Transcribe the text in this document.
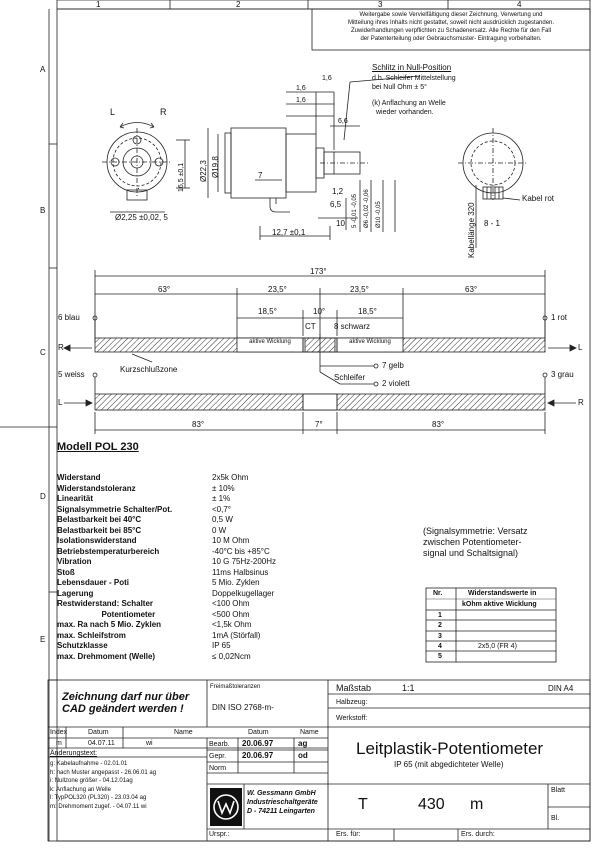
1	2	3	4
A
B
C
D
E
Weitergabe sowie Vervielfältigung dieser Zeichnung, Verwertung und
Mitteilung ihres Inhalts nicht gestattet, soweit nicht ausdrücklich zugestanden.
Zuwiderhandlungen verpflichten zu Schadenersatz. Alle Rechte für den Fall
der Patenterteilung oder Gebrauchsmuster- Eintragung vorbehalten.
L	R
16,5 ±0,1
Ø2,25 ±0,02, 5
1,6
1,6
1,6
6,6
Ø22,3 Ø19,8	7
1,2
6,5 5 -0,01 -0,05 Ø6 -0,02 -0,06 Ø10 -0,05
10
12,7 ±0,1
Schlitz in Null-Position
d.h. Schleifer Mittelstellung
bei Null Ohm ± 5°
(k) Anflachung an Welle
wieder vorhanden.
Kabel rot
Kabellänge 320 8 - 1
173°
63°	23,5°	23,5°	63°
18,5°	10°	18,5°
6 blau	1 rot
CT 8 schwarz
aktive Wicklung	aktive Wicklung
R	L
7 gelb
Kurzschlußzone
5 weiss	3 grau
Schleifer
2 violett
L	R
83°	7°	83°
Modell POL 230
Widerstand	2x5k Ohm
Widerstandstoleranz	± 10%
Linearität	± 1%
Signalsymmetrie Schalter/Pot.	<0,7°
Belastbarkeit bei 40°C	0,5 W
Belastbarkeit bei 85°C	0 W
Isolationswiderstand	10 M Ohm
Betriebstemperaturbereich	-40°C bis +85°C
Vibration	10 G 75Hz-200Hz
Stoß	11ms Halbsinus
Lebensdauer - Poti	5 Mio. Zyklen
Lagerung	Doppelkugellager
Restwiderstand: Schalter	<100 Ohm
Potentiometer	<500 Ohm
max. Ra nach 5 Mio. Zyklen	<1,5k Ohm
max. Schleifstrom	1mA (Störfall)
Schutzklasse	IP 65
max. Drehmoment (Welle)	≤ 0,02Ncm
(Signalsymmetrie: Versatz
zwischen Potentiometer-
signal und Schaltsignal)
Nr.	Widerstandswerte in
kOhm aktive Wicklung
1
2
3
4	2x5,0 (FR 4)
5
Zeichnung darf nur über
CAD geändert werden !
Freimaßtoleranzen
DIN ISO 2768-m-
Maßstab	1:1	DIN A4
Halbzeug:
Werkstoff:
Index	Datum	Name
m	04.07.11	wi
Datum	Name
Bearb. 20.06.97	ag
Gepr. 20.06.97	od
Norm
Änderungstext:
g: Kabelaufnahme - 02.01.01
h: nach Muster angepasst - 26.06.01 ag
i: Nullzone größer - 04.12.01ag
k: Anflachung an Welle
l: TypPOL320 (PL320) - 23.03.04 ag
m: Drehmoment zugef. - 04.07.11 wi
Leitplastik-Potentiometer
IP 65 (mit abgedichteter Welle)
W. Gessmann GmbH
Industrieschaltgeräte
D - 74211 Leingarten	T	430 m
Blatt
Bl.
Urspr.:	Ers. für:	Ers. durch:
